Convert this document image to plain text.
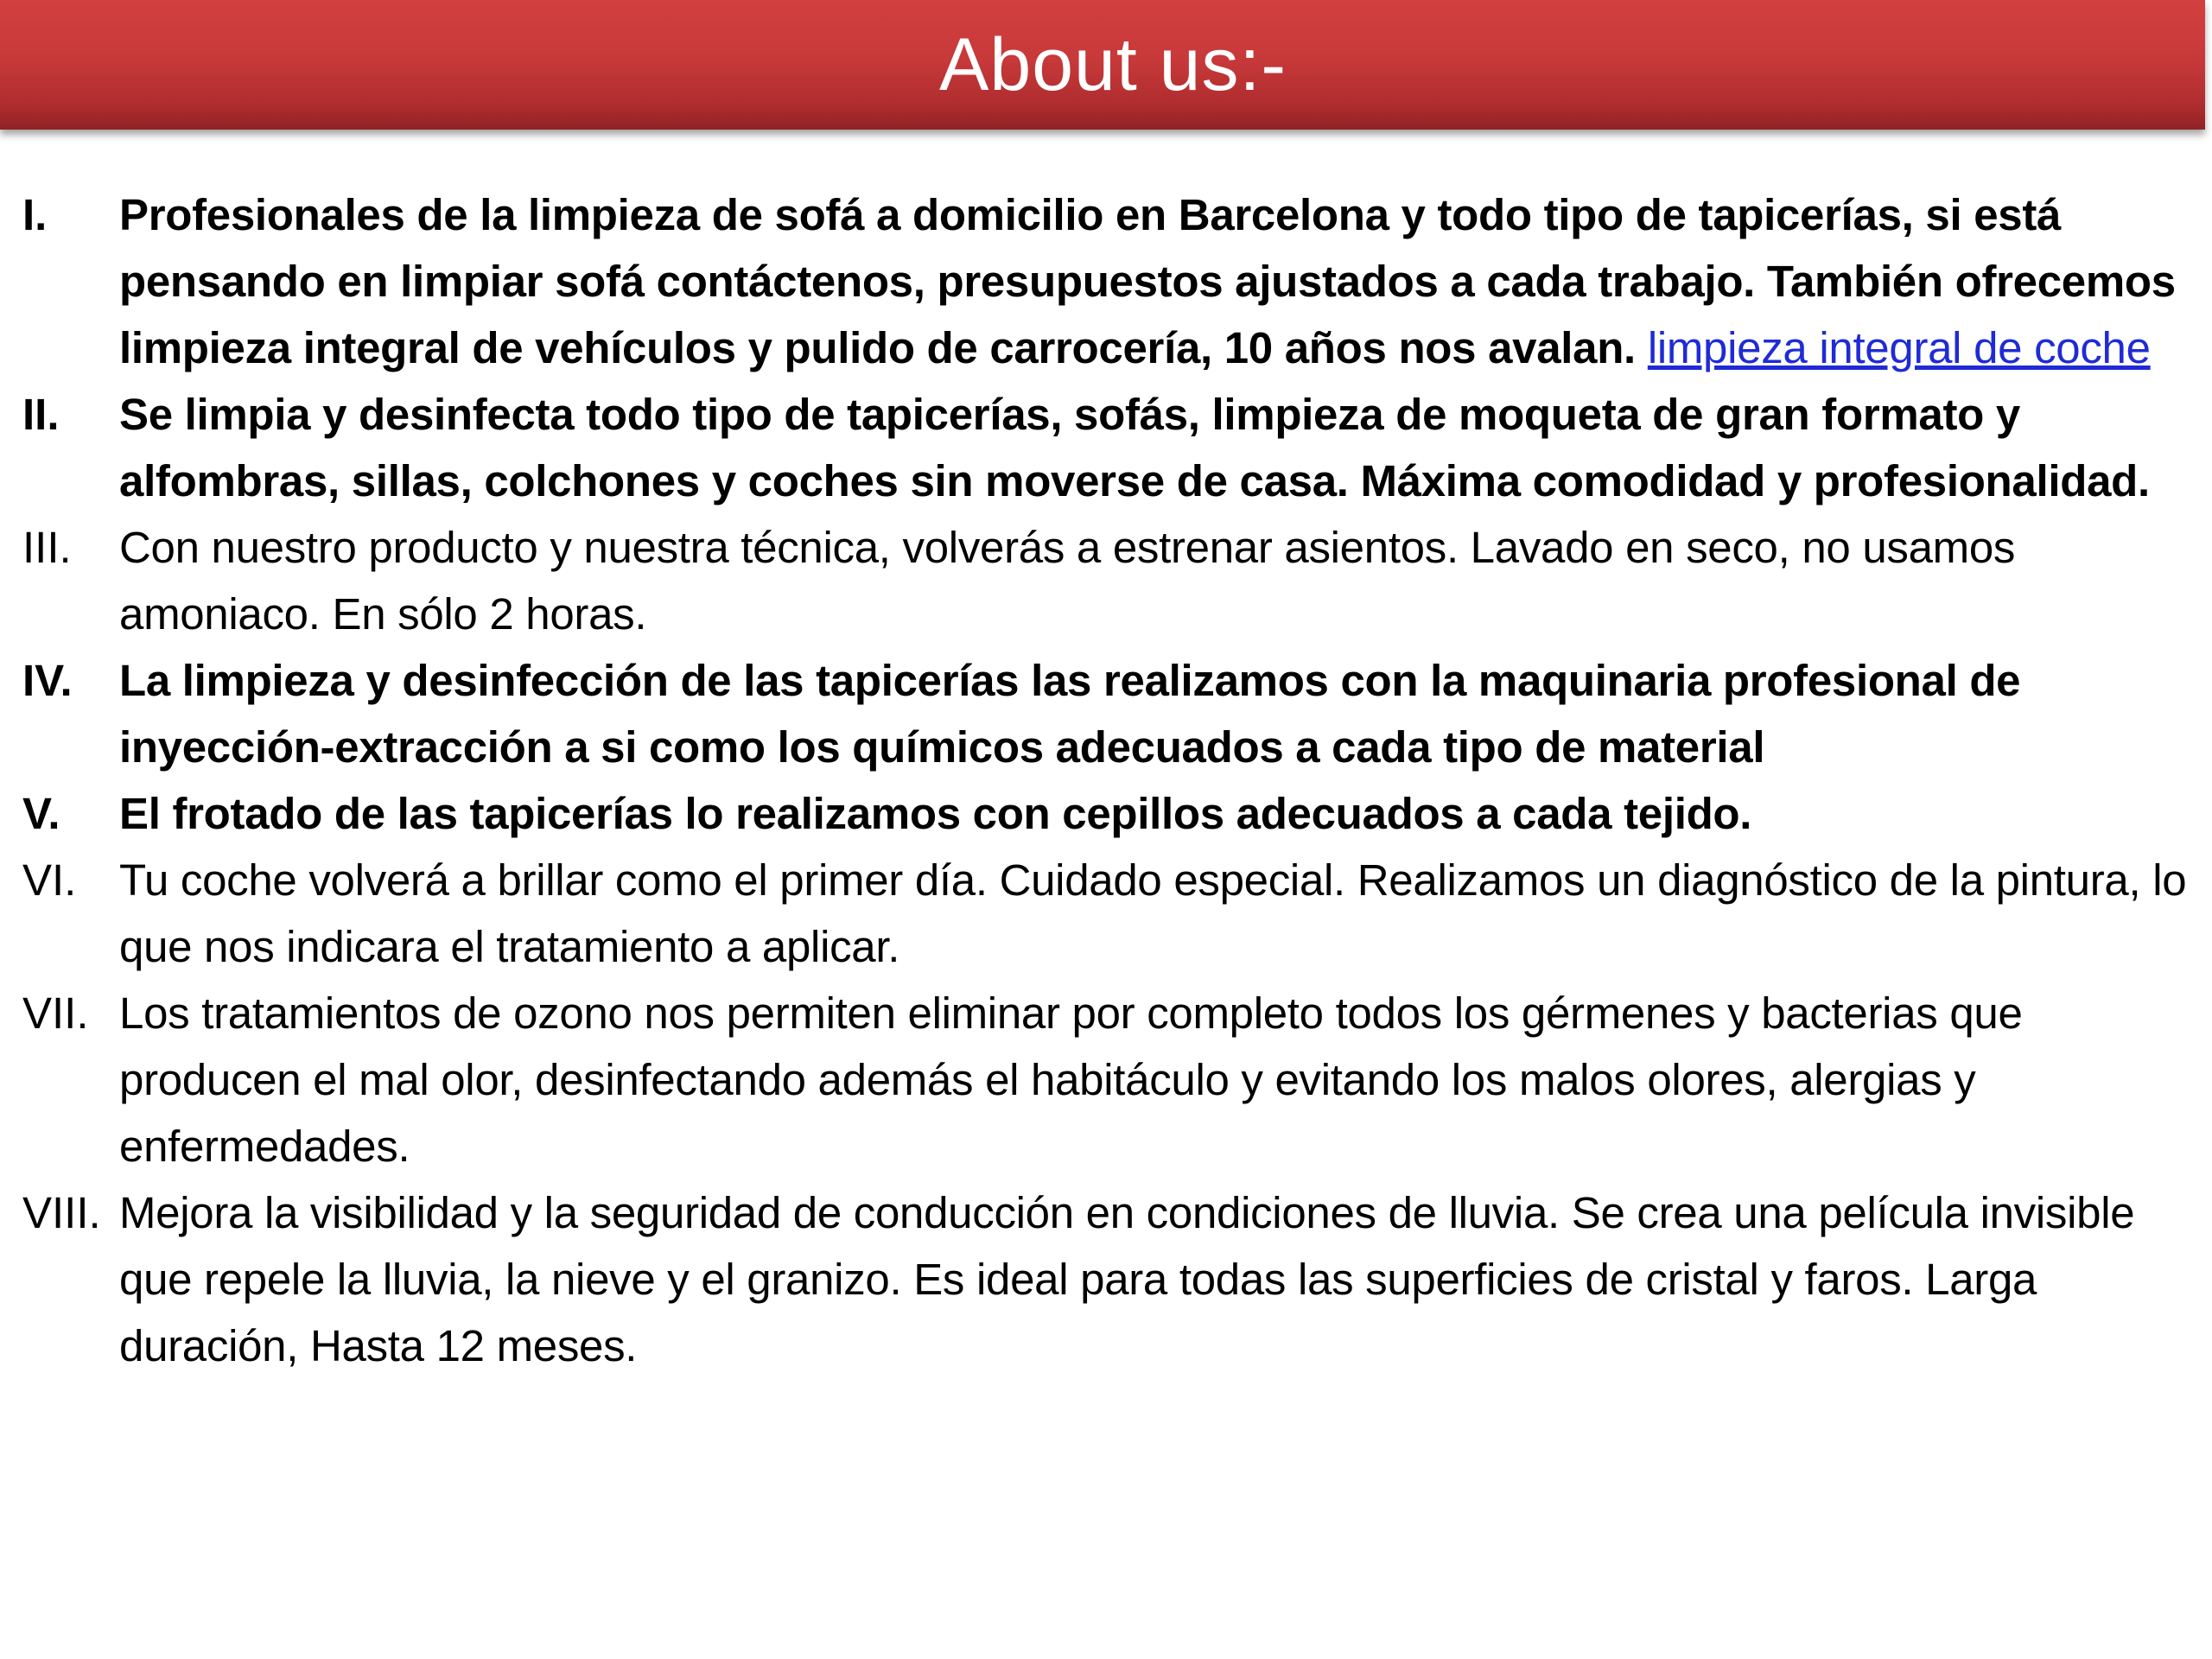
About us:-
I.	Profesionales de la limpieza de sofá a domicilio en Barcelona y todo tipo de tapicerías, si está pensando en limpiar sofá contáctenos, presupuestos ajustados a cada trabajo. También ofrecemos limpieza integral de vehículos y pulido de carrocería, 10 años nos avalan. limpieza integral de coche
II.	Se limpia y desinfecta todo tipo de tapicerías, sofás, limpieza de moqueta de gran formato y alfombras, sillas, colchones y coches sin moverse de casa. Máxima comodidad y profesionalidad.
III.	Con nuestro producto y nuestra técnica, volverás a estrenar asientos. Lavado en seco, no usamos amoniaco. En sólo 2 horas.
IV.	La limpieza y desinfección de las tapicerías las realizamos con la maquinaria profesional de inyección-extracción a si como los químicos adecuados a cada tipo de material
V.	El frotado de las tapicerías lo realizamos con cepillos adecuados a cada tejido.
VI. Tu coche volverá a brillar como el primer día. Cuidado especial. Realizamos un diagnóstico de la pintura, lo que nos indicara el tratamiento a aplicar.
VII. Los tratamientos de ozono nos permiten eliminar por completo todos los gérmenes y bacterias que producen el mal olor, desinfectando además el habitáculo y evitando los malos olores, alergias y enfermedades.
VIII. Mejora la visibilidad y la seguridad de conducción en condiciones de lluvia. Se crea una película invisible que repele la lluvia, la nieve y el granizo. Es ideal para todas las superficies de cristal y faros. Larga duración, Hasta 12 meses.
